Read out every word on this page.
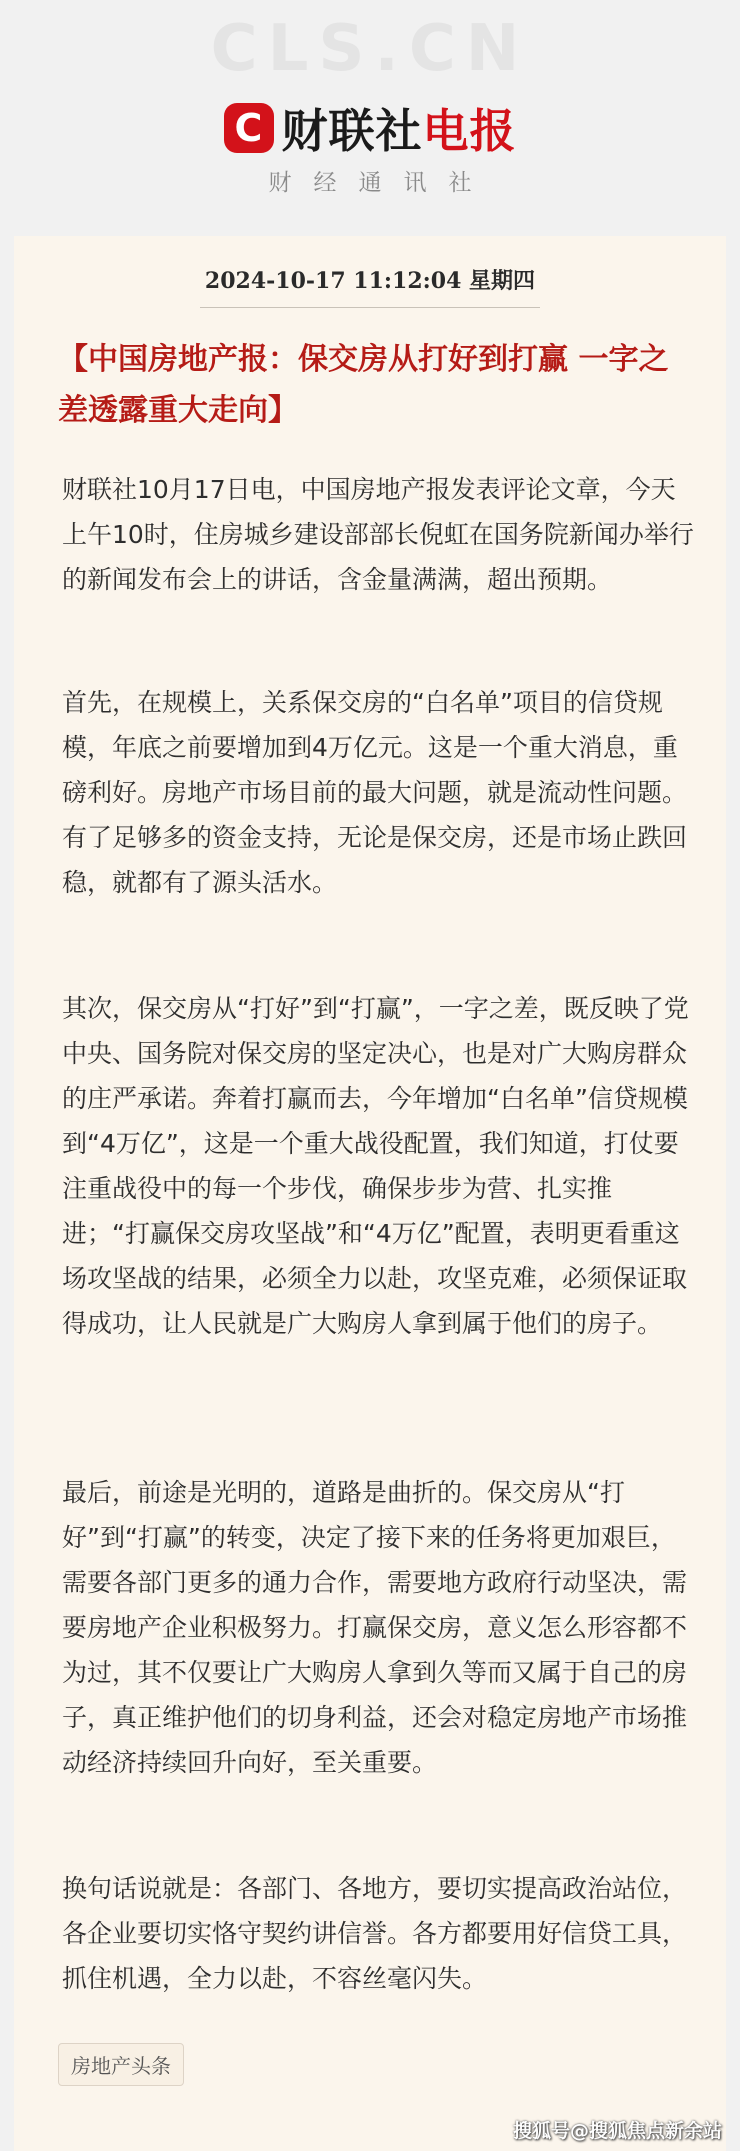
CLS.CN
C 财联社电报
财经通讯社
2024-10-17 11:12:04 星期四
【中国房地产报：保交房从打好到打赢 一字之差透露重大走向】
财联社10月17日电，中国房地产报发表评论文章，今天上午10时，住房城乡建设部部长倪虹在国务院新闻办举行的新闻发布会上的讲话，含金量满满，超出预期。
首先，在规模上，关系保交房的“白名单”项目的信贷规模，年底之前要增加到4万亿元。这是一个重大消息，重磅利好。房地产市场目前的最大问题，就是流动性问题。有了足够多的资金支持，无论是保交房，还是市场止跌回稳，就都有了源头活水。
其次，保交房从“打好”到“打赢”，一字之差，既反映了党中央、国务院对保交房的坚定决心，也是对广大购房群众的庄严承诺。奔着打赢而去，今年增加“白名单”信贷规模到“4万亿”，这是一个重大战役配置，我们知道，打仗要注重战役中的每一个步伐，确保步步为营、扎实推进；“打赢保交房攻坚战”和“4万亿”配置，表明更看重这场攻坚战的结果，必须全力以赴，攻坚克难，必须保证取得成功，让人民就是广大购房人拿到属于他们的房子。
最后，前途是光明的，道路是曲折的。保交房从“打好”到“打赢”的转变，决定了接下来的任务将更加艰巨，需要各部门更多的通力合作，需要地方政府行动坚决，需要房地产企业积极努力。打赢保交房，意义怎么形容都不为过，其不仅要让广大购房人拿到久等而又属于自己的房子，真正维护他们的切身利益，还会对稳定房地产市场推动经济持续回升向好，至关重要。
换句话说就是：各部门、各地方，要切实提高政治站位，各企业要切实恪守契约讲信誉。各方都要用好信贷工具，抓住机遇，全力以赴，不容丝毫闪失。
房地产头条
搜狐号@搜狐焦点新余站
